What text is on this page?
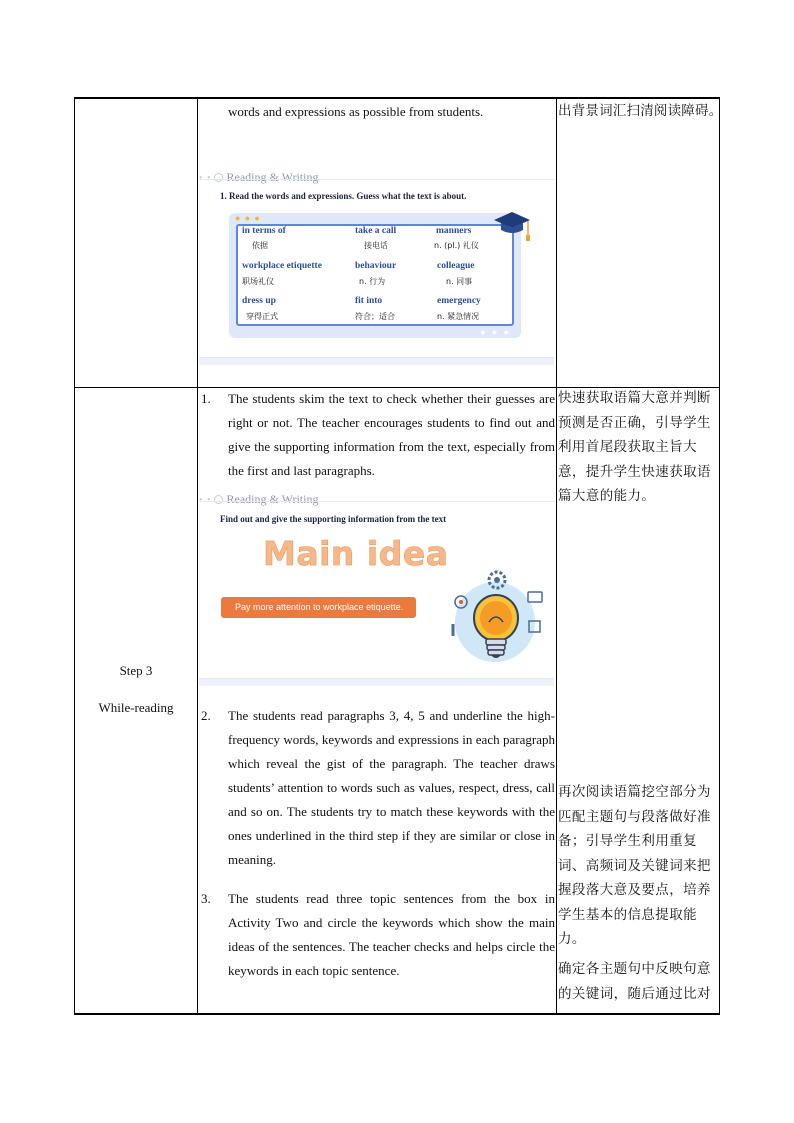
words and expressions as possible from students.	出背景词汇扫清阅读障碍。
• • Reading & Writing
1. Read the words and expressions. Guess what the text is about.
● ● ●
in terms of
依据
take a call
接电话
manners
n. (pl.) 礼仪
workplace etiquette
职场礼仪
behaviour
n. 行为
colleague
n. 同事
dress up
穿得正式
fit into
符合；适合
emergency
n. 紧急情况
● ● ●
Step 3
While-reading
1. The students skim the text to check whether their guesses are right or not. The teacher encourages students to find out and give the supporting information from the text, especially from the first and last paragraphs.
• • Reading & Writing
Find out and give the supporting information from the text
Main idea
Pay more attention to workplace etiquette.
2. The students read paragraphs 3, 4, 5 and underline the high-frequency words, keywords and expressions in each paragraph which reveal the gist of the paragraph. The teacher draws students’ attention to words such as values, respect, dress, call and so on. The students try to match these keywords with the ones underlined in the third step if they are similar or close in meaning.
3. The students read three topic sentences from the box in Activity Two and circle the keywords which show the main ideas of the sentences. The teacher checks and helps circle the keywords in each topic sentence.
快速获取语篇大意并判断预测是否正确，引导学生利用首尾段获取主旨大意，提升学生快速获取语篇大意的能力。
再次阅读语篇挖空部分为匹配主题句与段落做好准备；引导学生利用重复词、高频词及关键词来把握段落大意及要点，培养学生基本的信息提取能力。
确定各主题句中反映句意的关键词，随后通过比对
